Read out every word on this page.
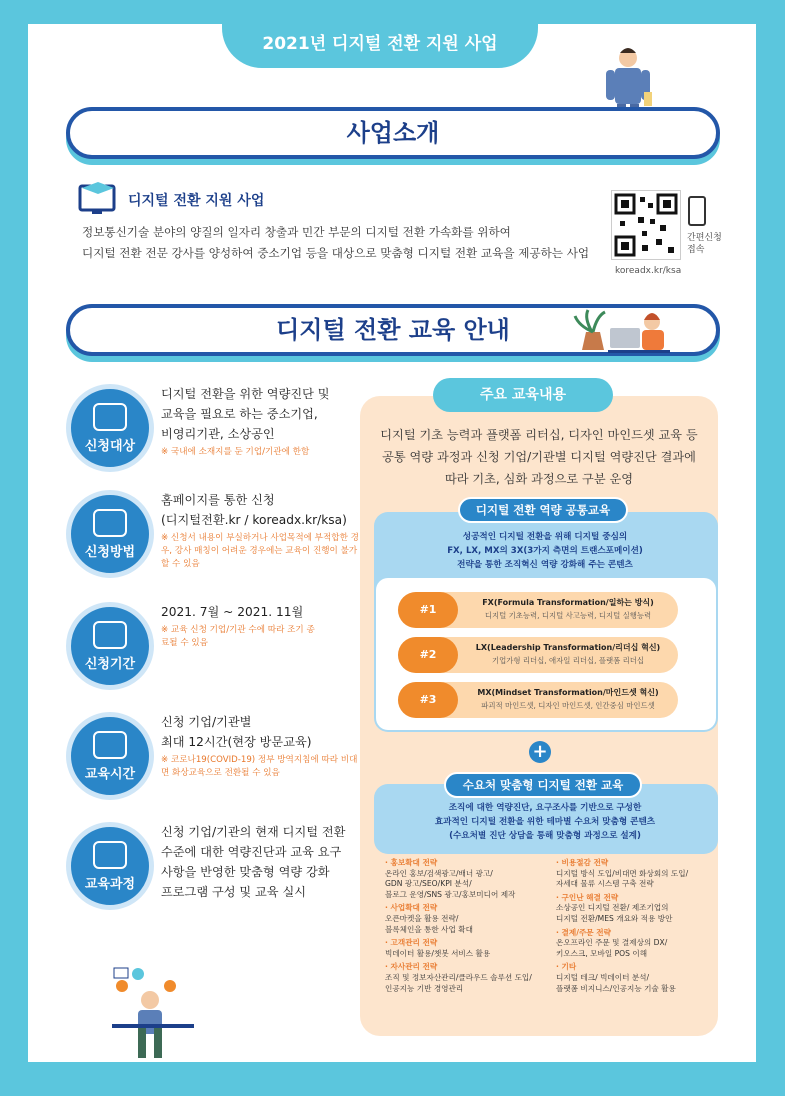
2021년 디지털 전환 지원 사업
사업소개
디지털 전환 지원 사업
정보통신기술 분야의 양질의 일자리 창출과 민간 부문의 디지털 전환 가속화를 위하여
디지털 전환 전문 강사를 양성하여 중소기업 등을 대상으로 맞춤형 디지털 전환 교육을 제공하는 사업
간편신청
접속
koreadx.kr/ksa
디지털 전환 교육 안내
신청대상
디지털 전환을 위한 역량진단 및
교육을 필요로 하는 중소기업,
비영리기관, 소상공인
※ 국내에 소재지를 둔 기업/기관에 한함
신청방법
홈페이지를 통한 신청
(디지털전환.kr / koreadx.kr/ksa)
※ 신청서 내용이 부실하거나 사업목적에 부적합한 경우, 강사 매칭이 어려운 경우에는 교육이 진행이 불가할 수 있음
신청기간
2021. 7월 ~ 2021. 11월
※ 교육 신청 기업/기관 수에 따라 조기 종료될 수 있음
교육시간
신청 기업/기관별
최대 12시간(현장 방문교육)
※ 코로나19(COVID-19) 정부 방역지침에 따라 비대면 화상교육으로 전환될 수 있음
교육과정
신청 기업/기관의 현재 디지털 전환
수준에 대한 역량진단과 교육 요구
사항을 반영한 맞춤형 역량 강화
프로그램 구성 및 교육 실시
주요 교육내용
디지털 기초 능력과 플랫폼 리터십, 디자인 마인드셋 교육 등
공통 역량 과정과 신청 기업/기관별 디지털 역량진단 결과에
따라 기초, 심화 과정으로 구분 운영
디지털 전환 역량 공통교육
성공적인 디지털 전환을 위해 디지털 중심의
FX, LX, MX의 3X(3가지 측면의 트랜스포메이션)
전략을 통한 조직혁신 역량 강화해 주는 콘텐츠
#1
FX(Formula Transformation/일하는 방식)
디지털 기초능력, 디지털 사고능력, 디지털 실행능력
#2
LX(Leadership Transformation/리더십 혁신)
기업가형 리더십, 애자일 리더십, 플랫폼 리더십
#3
MX(Mindset Transformation/마인드셋 혁신)
파괴적 마인드셋, 디자인 마인드셋, 인간중심 마인드셋
+
수요처 맞춤형 디지털 전환 교육
조직에 대한 역량진단, 요구조사를 기반으로 구성한
효과적인 디지털 전환을 위한 테마별 수요처 맞춤형 콘텐츠
(수요처별 진단 상담을 통해 맞춤형 과정으로 설계)
· 홍보확대 전략
온라인 홍보/검색광고/배너 광고/
GDN 광고/SEO/KPI 분석/
블로그 운영/SNS 광고/홍보미디어 제작
· 사업확대 전략
오픈마켓을 활용 전략/
블록체인을 통한 사업 확대
· 고객관리 전략
빅데이터 활용/챗봇 서비스 활용
· 자사관리 전략
조직 및 정보자산관리/클라우드 솔루션 도입/
인공지능 기반 경영관리
· 비용절감 전략
디지털 방식 도입/비대면 화상회의 도입/
자세대 물류 시스템 구축 전략
· 구인난 해결 전략
소상공인 디지털 전환/ 제조기업의
디지털 전환/MES 개요와 적용 방안
· 결제/주문 전략
온오프라인 주문 및 결제상의 DX/
키오스크, 모바일 POS 이해
· 기타
디지털 테크/ 빅데이터 분석/
플랫폼 비지니스/인공지능 기술 활용
